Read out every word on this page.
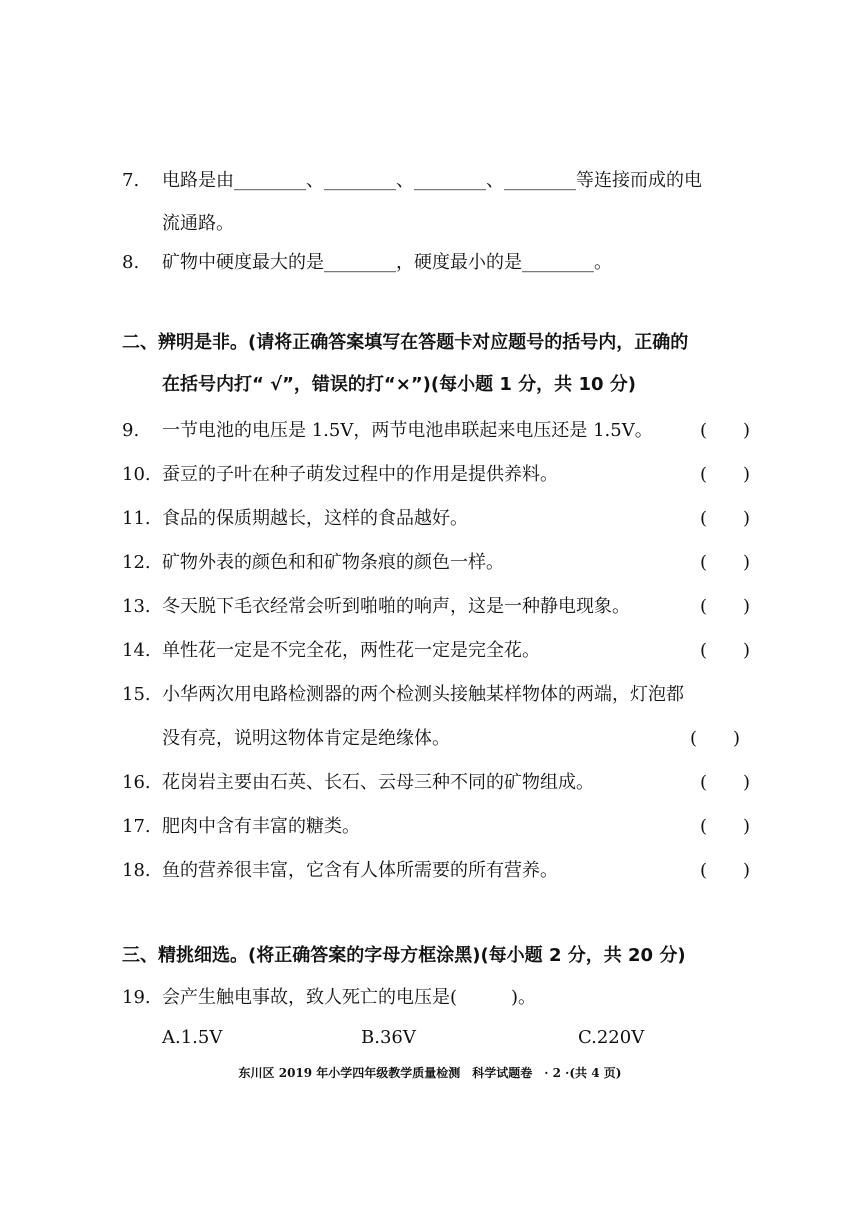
7. 电路是由________、________、________、________等连接而成的电
流通路。
8. 矿物中硬度最大的是________，硬度最小的是________。
二、辨明是非。(请将正确答案填写在答题卡对应题号的括号内，正确的
在括号内打“ √”，错误的打“×”)(每小题 1 分，共 10 分)
9. 一节电池的电压是 1.5V，两节电池串联起来电压还是 1.5V。	(　　)
10. 蚕豆的子叶在种子萌发过程中的作用是提供养料。	(　　)
11. 食品的保质期越长，这样的食品越好。	(　　)
12. 矿物外表的颜色和和矿物条痕的颜色一样。	(　　)
13. 冬天脱下毛衣经常会听到啪啪的响声，这是一种静电现象。	(　　)
14. 单性花一定是不完全花，两性花一定是完全花。	(　　)
15. 小华两次用电路检测器的两个检测头接触某样物体的两端，灯泡都
没有亮，说明这物体肯定是绝缘体。	(　　)
16. 花岗岩主要由石英、长石、云母三种不同的矿物组成。	(　　)
17. 肥肉中含有丰富的糖类。	(　　)
18. 鱼的营养很丰富，它含有人体所需要的所有营养。	(　　)
三、精挑细选。(将正确答案的字母方框涂黑)(每小题 2 分，共 20 分)
19. 会产生触电事故，致人死亡的电压是(　　　)。
A.1.5V	B.36V	C.220V
东川区 2019 年小学四年级教学质量检测　科学试题卷　· 2 ·(共 4 页)
